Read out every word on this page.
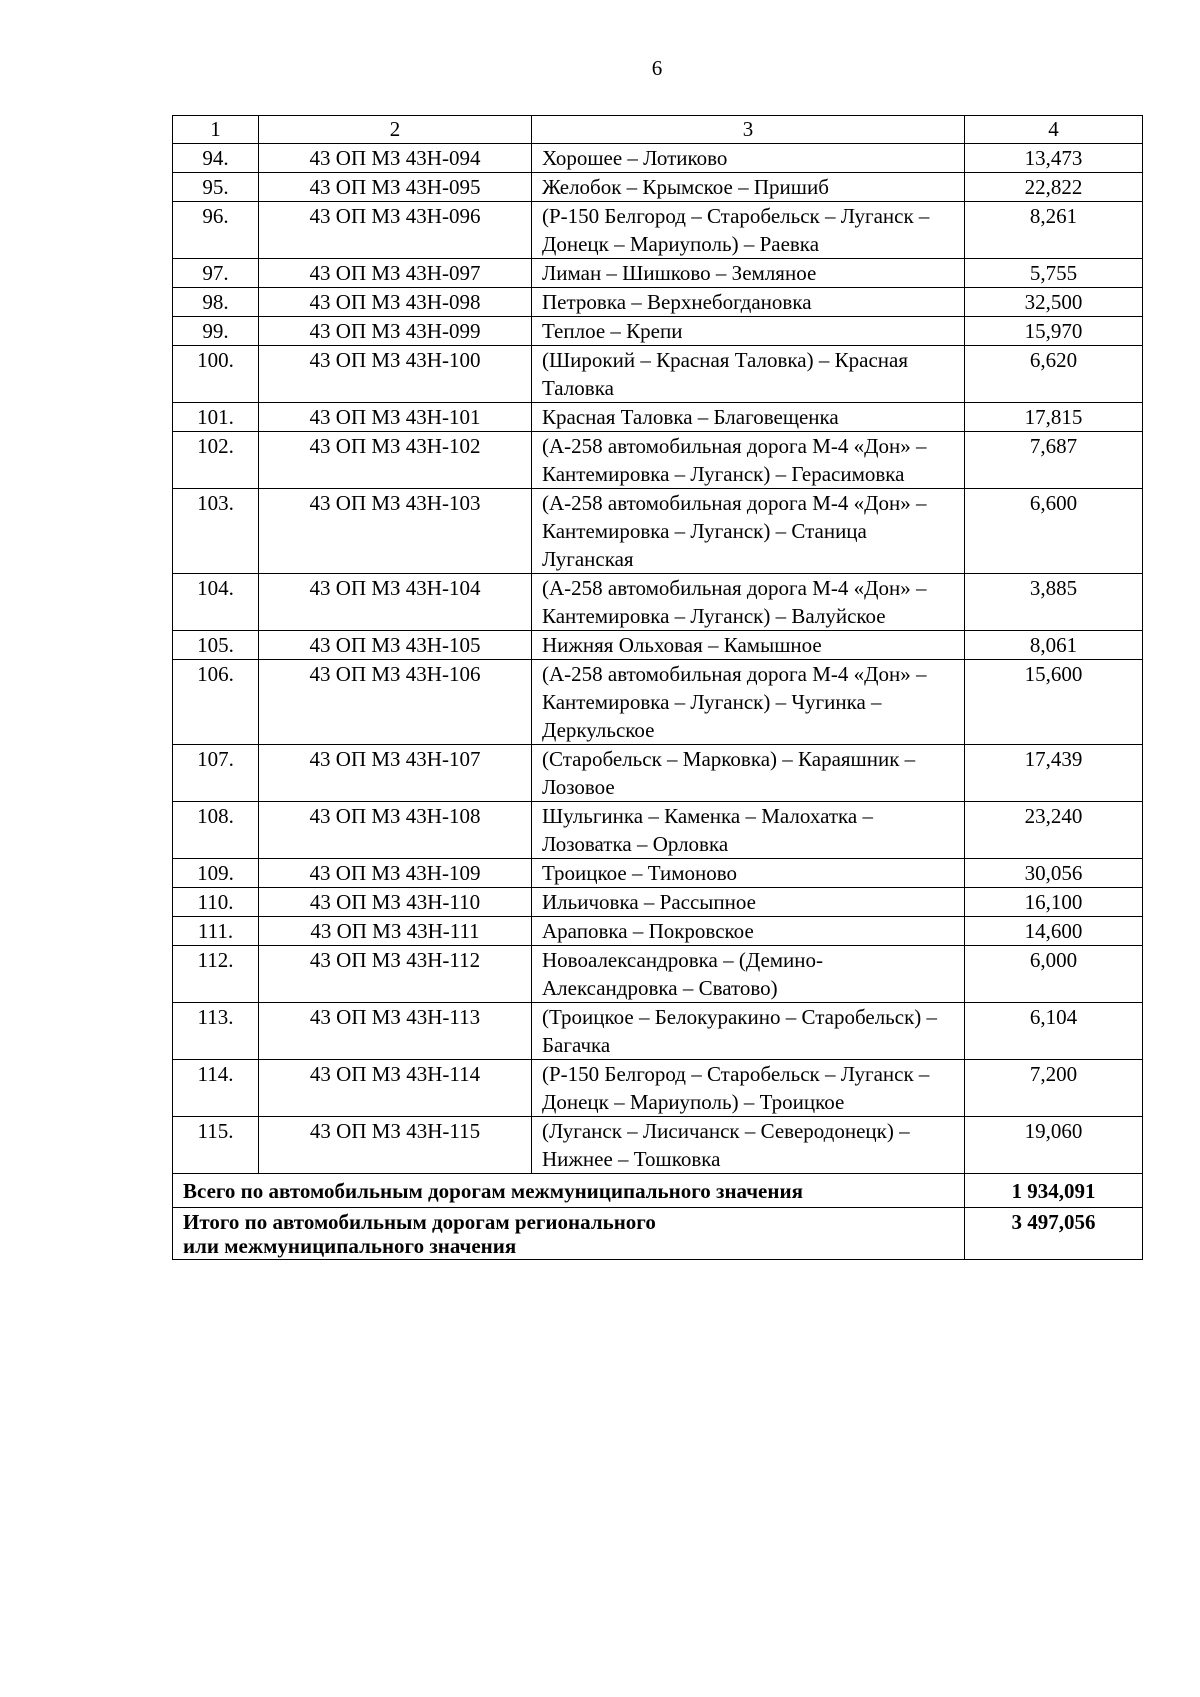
6
1	2	3	4
94.	43 ОП МЗ 43Н-094	Хорошее – Лотиково	13,473
95.	43 ОП МЗ 43Н-095	Желобок – Крымское – Пришиб	22,822
96.	43 ОП МЗ 43Н-096	(Р-150 Белгород – Старобельск – Луганск – Донецк – Мариуполь) – Раевка	8,261
97.	43 ОП МЗ 43Н-097	Лиман – Шишково – Земляное	5,755
98.	43 ОП МЗ 43Н-098	Петровка – Верхнебогдановка	32,500
99.	43 ОП МЗ 43Н-099	Теплое – Крепи	15,970
100.	43 ОП МЗ 43Н-100	(Широкий – Красная Таловка) – Красная Таловка	6,620
101.	43 ОП МЗ 43Н-101	Красная Таловка – Благовещенка	17,815
102.	43 ОП МЗ 43Н-102	(А-258 автомобильная дорога М-4 «Дон» – Кантемировка – Луганск) – Герасимовка	7,687
103.	43 ОП МЗ 43Н-103	(А-258 автомобильная дорога М-4 «Дон» – Кантемировка – Луганск) – Станица Луганская	6,600
104.	43 ОП МЗ 43Н-104	(А-258 автомобильная дорога М-4 «Дон» – Кантемировка – Луганск) – Валуйское	3,885
105.	43 ОП МЗ 43Н-105	Нижняя Ольховая – Камышное	8,061
106.	43 ОП МЗ 43Н-106	(А-258 автомобильная дорога М-4 «Дон» – Кантемировка – Луганск) – Чугинка – Деркульское	15,600
107.	43 ОП МЗ 43Н-107	(Старобельск – Марковка) – Караяшник – Лозовое	17,439
108.	43 ОП МЗ 43Н-108	Шульгинка – Каменка – Малохатка – Лозоватка – Орловка	23,240
109.	43 ОП МЗ 43Н-109	Троицкое – Тимоново	30,056
110.	43 ОП МЗ 43Н-110	Ильичовка – Рассыпное	16,100
111.	43 ОП МЗ 43Н-111	Араповка – Покровское	14,600
112.	43 ОП МЗ 43Н-112	Новоалександровка – (Демино-Александровка – Сватово)	6,000
113.	43 ОП МЗ 43Н-113	(Троицкое – Белокуракино – Старобельск) – Багачка	6,104
114.	43 ОП МЗ 43Н-114	(Р-150 Белгород – Старобельск – Луганск – Донецк – Мариуполь) – Троицкое	7,200
115.	43 ОП МЗ 43Н-115	(Луганск – Лисичанск – Северодонецк) – Нижнее – Тошковка	19,060
Всего по автомобильным дорогам межмуниципального значения			1 934,091

Итого по автомобильным дорогам регионального
или межмуниципального значения			3 497,056
